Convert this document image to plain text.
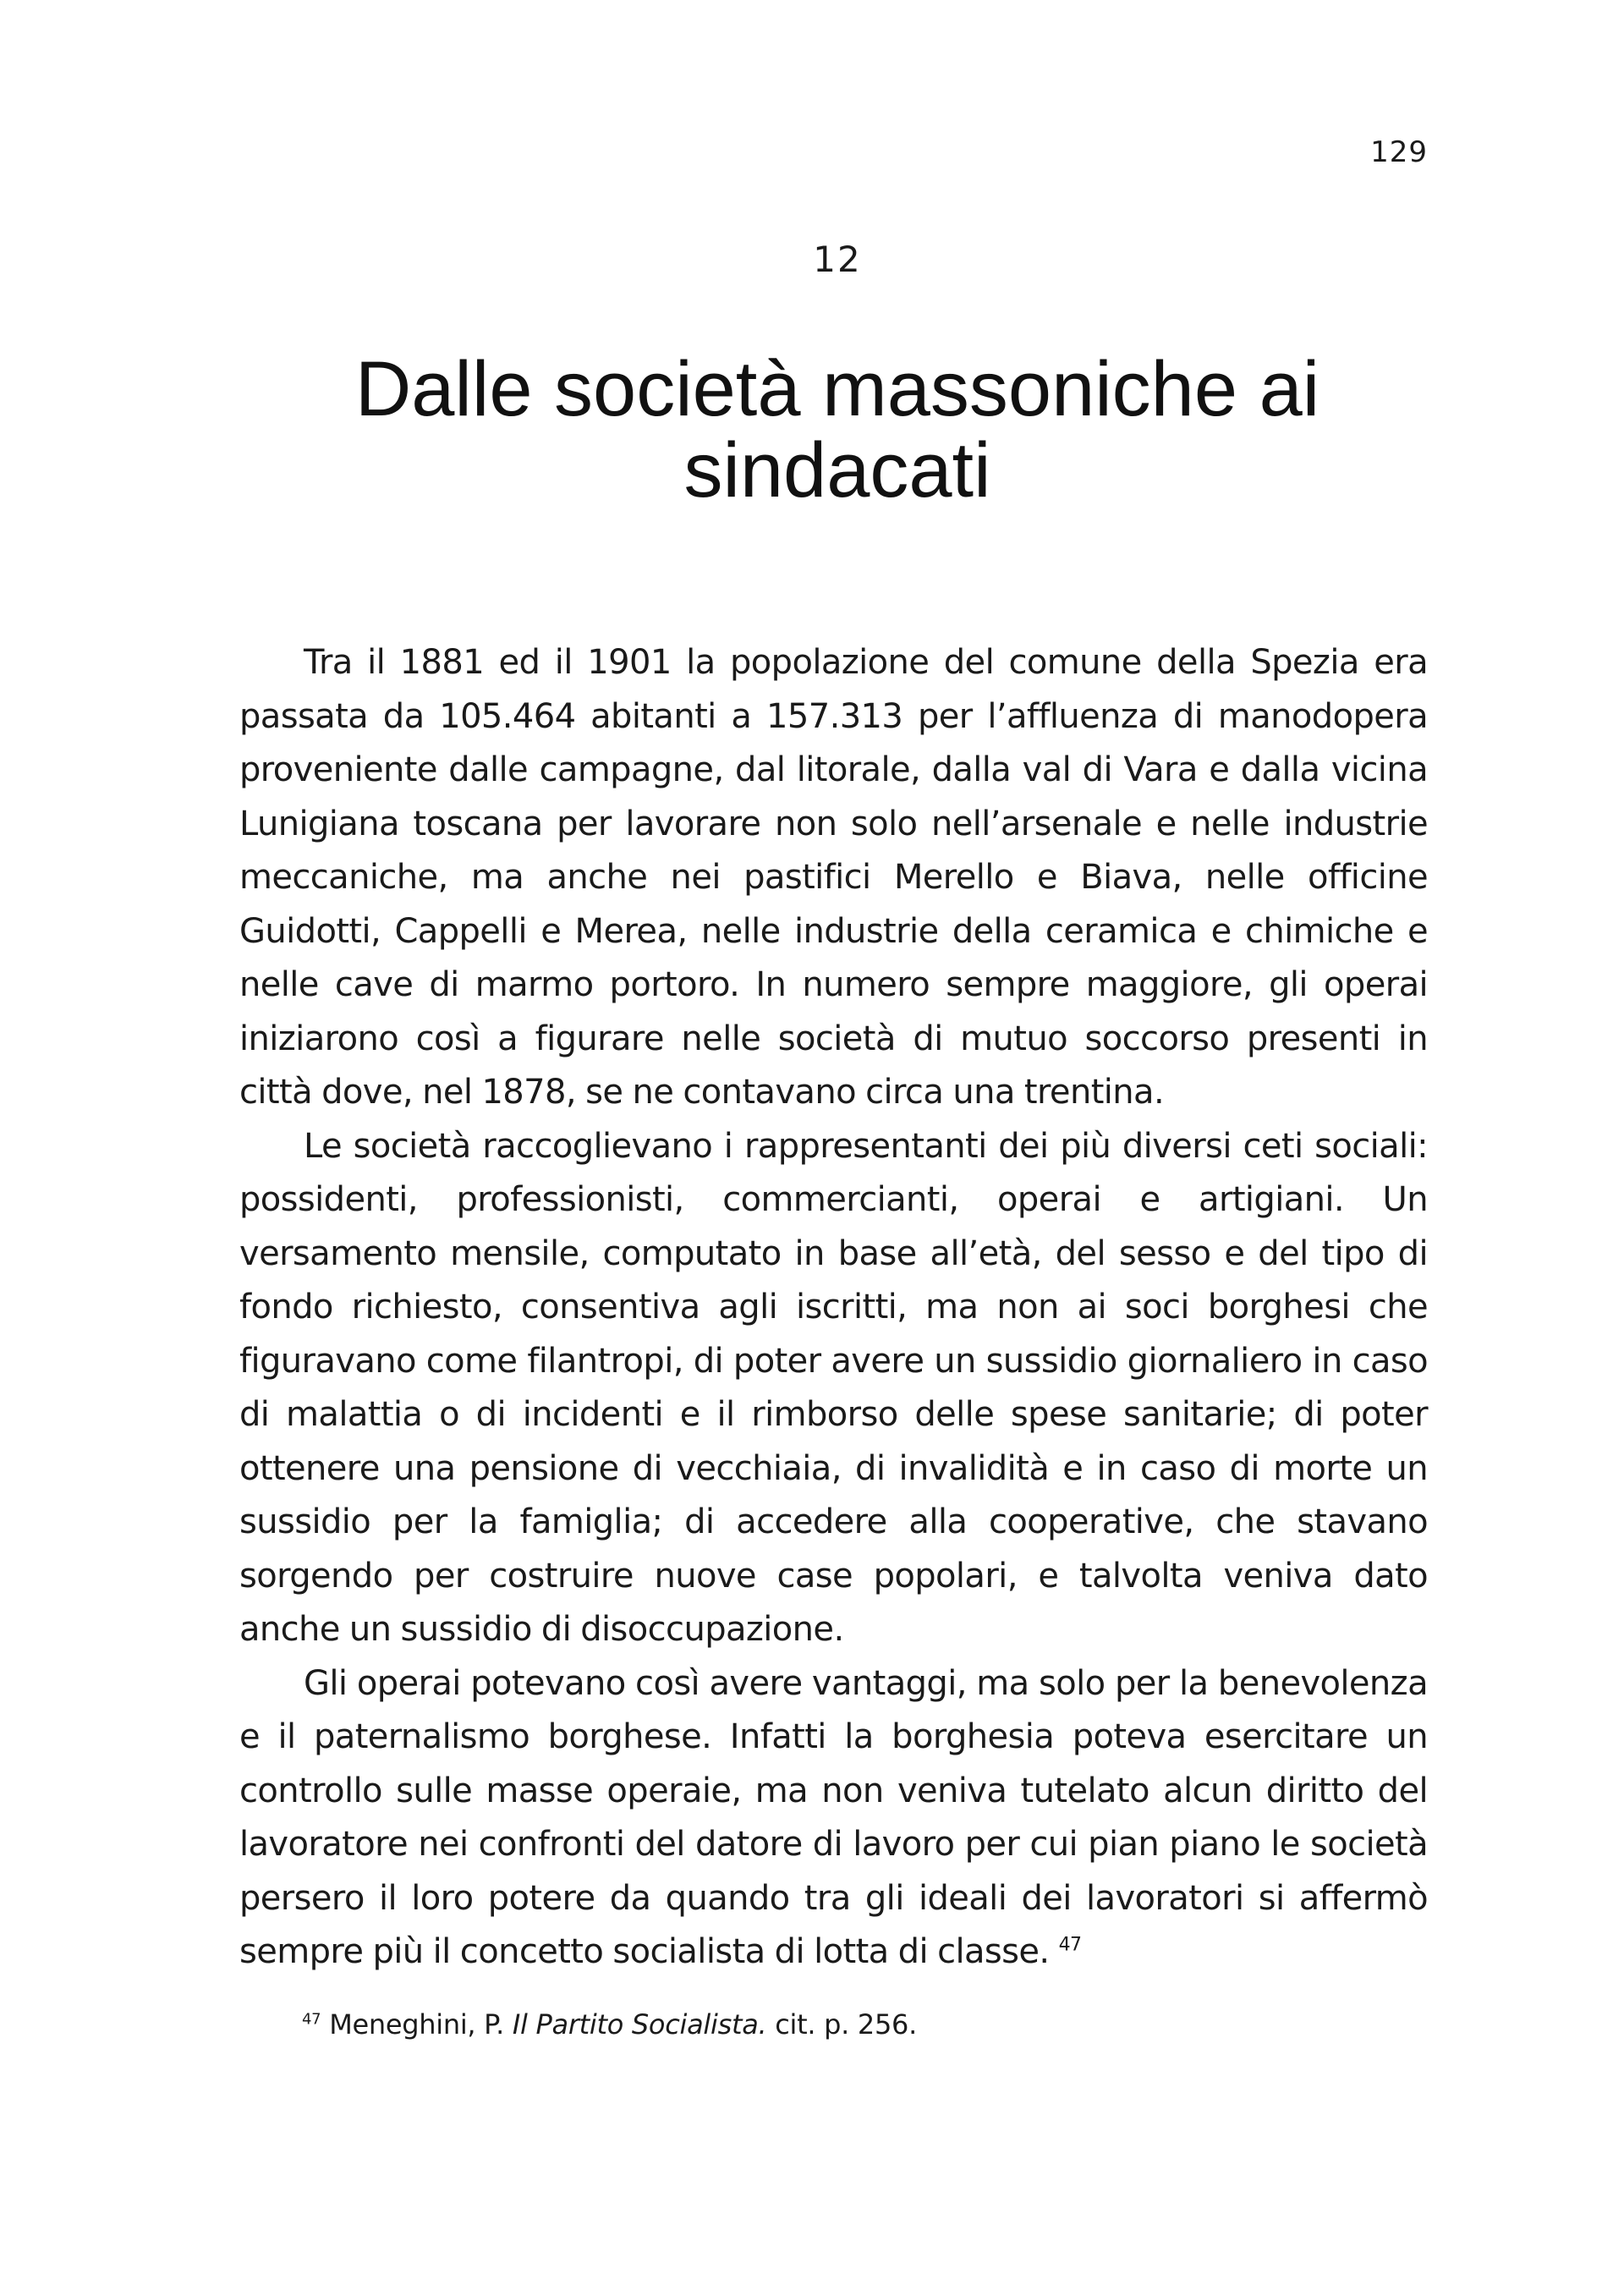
129
12
Dalle società massoniche ai
sindacati

Tra il 1881 ed il 1901 la popolazione del comune della Spezia era passata da 105.464 abitanti a 157.313 per l’affluenza di manodopera proveniente dalle campagne, dal litorale, dalla val di Vara e dalla vicina Lunigiana toscana per lavorare non solo nell’arsenale e nelle industrie meccaniche, ma anche nei pastifici Merello e Biava, nelle officine Guidotti, Cappelli e Merea, nelle industrie della ceramica e chimiche e nelle cave di marmo portoro. In numero sempre maggiore, gli operai iniziarono così a figurare nelle società di mutuo soccorso presenti in città dove, nel 1878, se ne contavano circa una trentina.

Le società raccoglievano i rappresentanti dei più diversi ceti sociali: possidenti, professionisti, commercianti, operai e artigiani. Un versamento mensile, computato in base all’età, del sesso e del tipo di fondo richiesto, consentiva agli iscritti, ma non ai soci borghesi che figuravano come filantropi, di poter avere un sussidio giornaliero in caso di malattia o di incidenti e il rimborso delle spese sanitarie; di poter ottenere una pensione di vecchiaia, di invalidità e in caso di morte un sussidio per la famiglia; di accedere alla cooperative, che stavano sorgendo per costruire nuove case popolari, e talvolta veniva dato anche un sussidio di disoccupazione.

Gli operai potevano così avere vantaggi, ma solo per la benevolenza e il paternalismo borghese. Infatti la borghesia poteva esercitare un controllo sulle masse operaie, ma non veniva tutelato alcun diritto del lavoratore nei confronti del datore di lavoro per cui pian piano le società persero il loro potere da quando tra gli ideali dei lavoratori si affermò sempre più il concetto socialista di lotta di classe. $^{47}$

$^{47}$ Meneghini, P. Il Partito Socialista. cit. p. 256.
